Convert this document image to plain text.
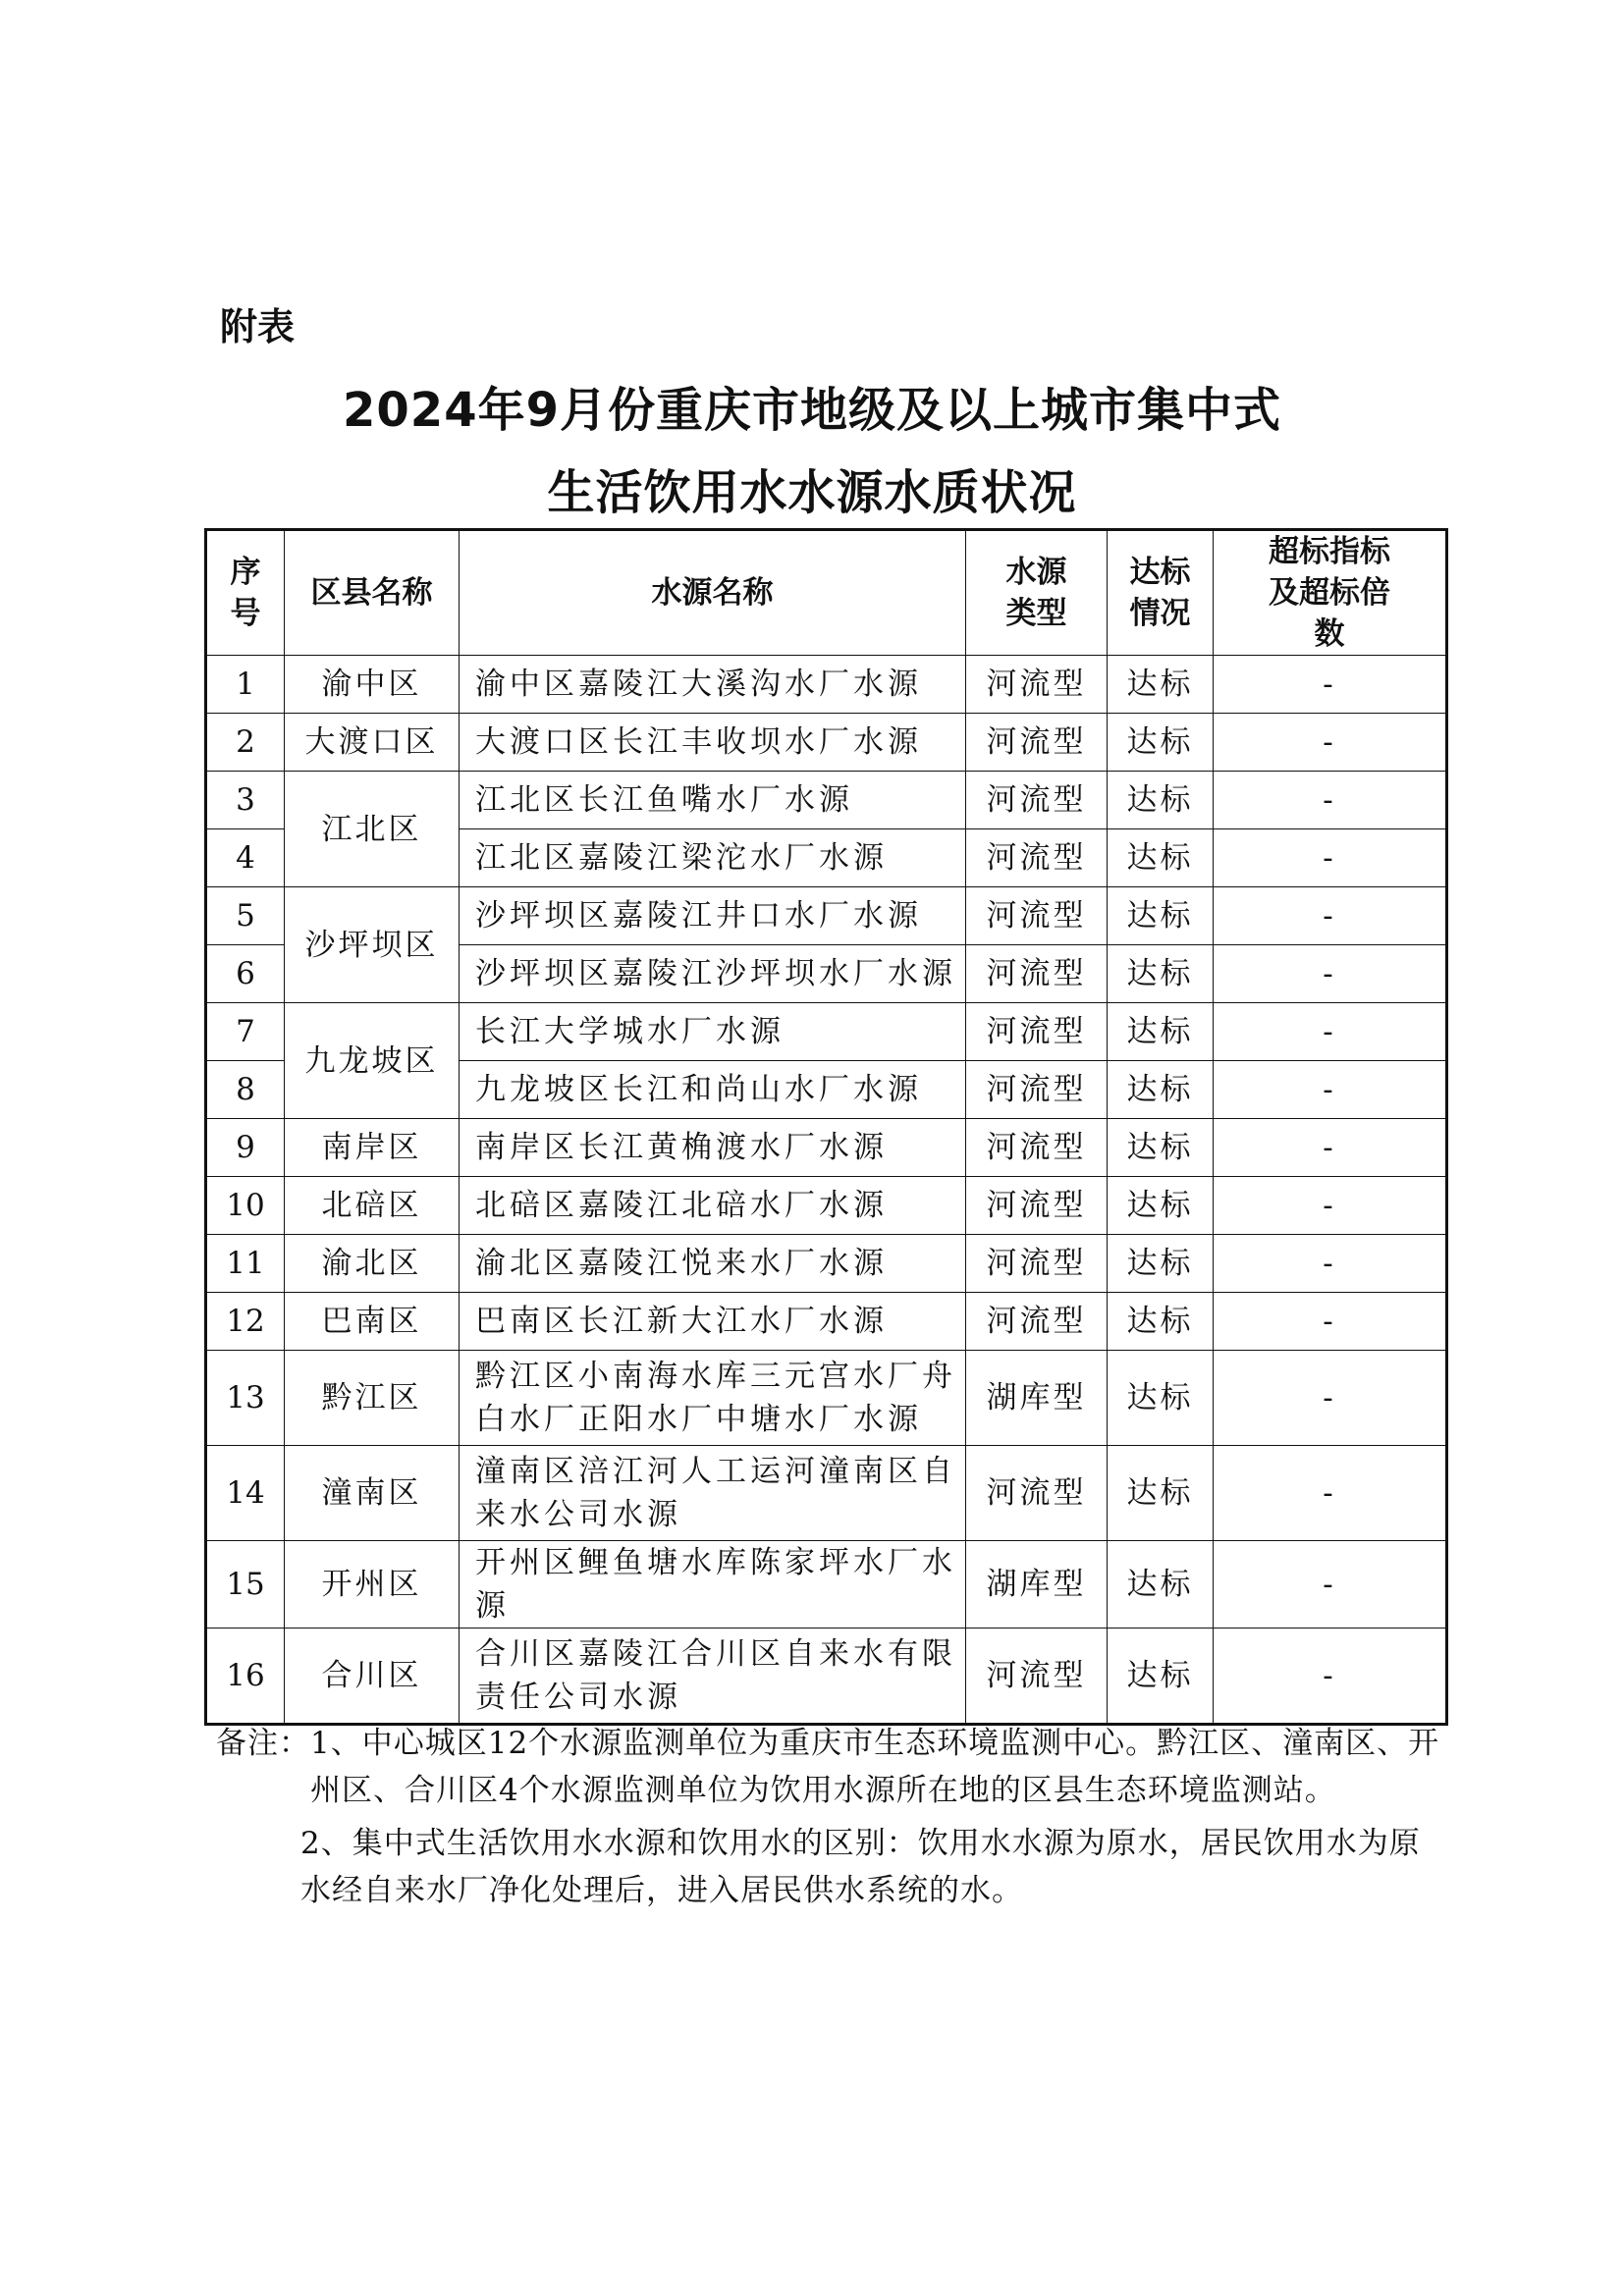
附表
2024年9月份重庆市地级及以上城市集中式
生活饮用水水源水质状况
序号	区县名称	水源名称	水源类型	达标情况	超标指标及超标倍数

1	渝中区	渝中区嘉陵江大溪沟水厂水源	河流型	达标	-
2	大渡口区	大渡口区长江丰收坝水厂水源	河流型	达标	-
3	江北区	江北区长江鱼嘴水厂水源	河流型	达标	-
4		江北区嘉陵江梁沱水厂水源	河流型	达标	-
5	沙坪坝区	沙坪坝区嘉陵江井口水厂水源	河流型	达标	-
6		沙坪坝区嘉陵江沙坪坝水厂水源	河流型	达标	-
7	九龙坡区	长江大学城水厂水源	河流型	达标	-
8		九龙坡区长江和尚山水厂水源	河流型	达标	-
9	南岸区	南岸区长江黄桷渡水厂水源	河流型	达标	-
10	北碚区	北碚区嘉陵江北碚水厂水源	河流型	达标	-
11	渝北区	渝北区嘉陵江悦来水厂水源	河流型	达标	-
12	巴南区	巴南区长江新大江水厂水源	河流型	达标	-
13	黔江区	黔江区小南海水库三元宫水厂舟白水厂正阳水厂中塘水厂水源	湖库型	达标	-
14	潼南区	潼南区涪江河人工运河潼南区自来水公司水源	河流型	达标	-
15	开州区	开州区鲤鱼塘水库陈家坪水厂水源	湖库型	达标	-
16	合川区	合川区嘉陵江合川区自来水有限责任公司水源	河流型	达标	-
备注： 1、中心城区12个水源监测单位为重庆市生态环境监测中心。黔江区、潼南区、开州区、合川区4个水源监测单位为饮用水源所在地的区县生态环境监测站。
2、集中式生活饮用水水源和饮用水的区别：饮用水水源为原水，居民饮用水为原水经自来水厂净化处理后，进入居民供水系统的水。
